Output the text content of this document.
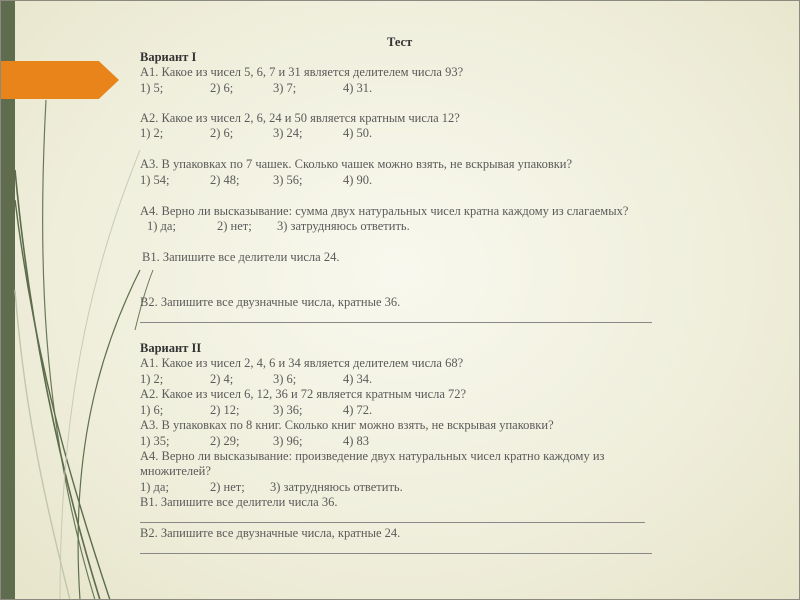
Тест
Вариант I
А1. Какое из чисел 5, 6, 7 и 31 является делителем числа 93?
1) 5;	2) 6;	3) 7;	4) 31.
А2. Какое из чисел 2, 6, 24 и 50 является кратным числа 12?
1) 2;	2) 6;	3) 24;	4) 50.
А3. В упаковках по 7 чашек. Сколько чашек можно взять, не вскрывая упаковки?
1) 54;	2) 48;	3) 56;	4) 90.
А4. Верно ли высказывание: сумма двух натуральных чисел кратна каждому из слагаемых?
1) да;	2) нет; 3) затрудняюсь ответить.
В1. Запишите все делители числа 24.
В2. Запишите все двузначные числа, кратные 36.
Вариант II
А1. Какое из чисел 2, 4, 6 и 34 является делителем числа 68?
1) 2;	2) 4;	3) 6;	4) 34.
А2. Какое из чисел 6, 12, 36 и 72 является кратным числа 72?
1) 6;	2) 12;	3) 36;	4) 72.
А3. В упаковках по 8 книг. Сколько книг можно взять, не вскрывая упаковки?
1) 35;	2) 29;	3) 96;	4) 83
А4. Верно ли высказывание: произведение двух натуральных чисел кратно каждому из
множителей?
1) да;	2) нет; 3) затрудняюсь ответить.
В1. Запишите все делители числа 36.
В2. Запишите все двузначные числа, кратные 24.
